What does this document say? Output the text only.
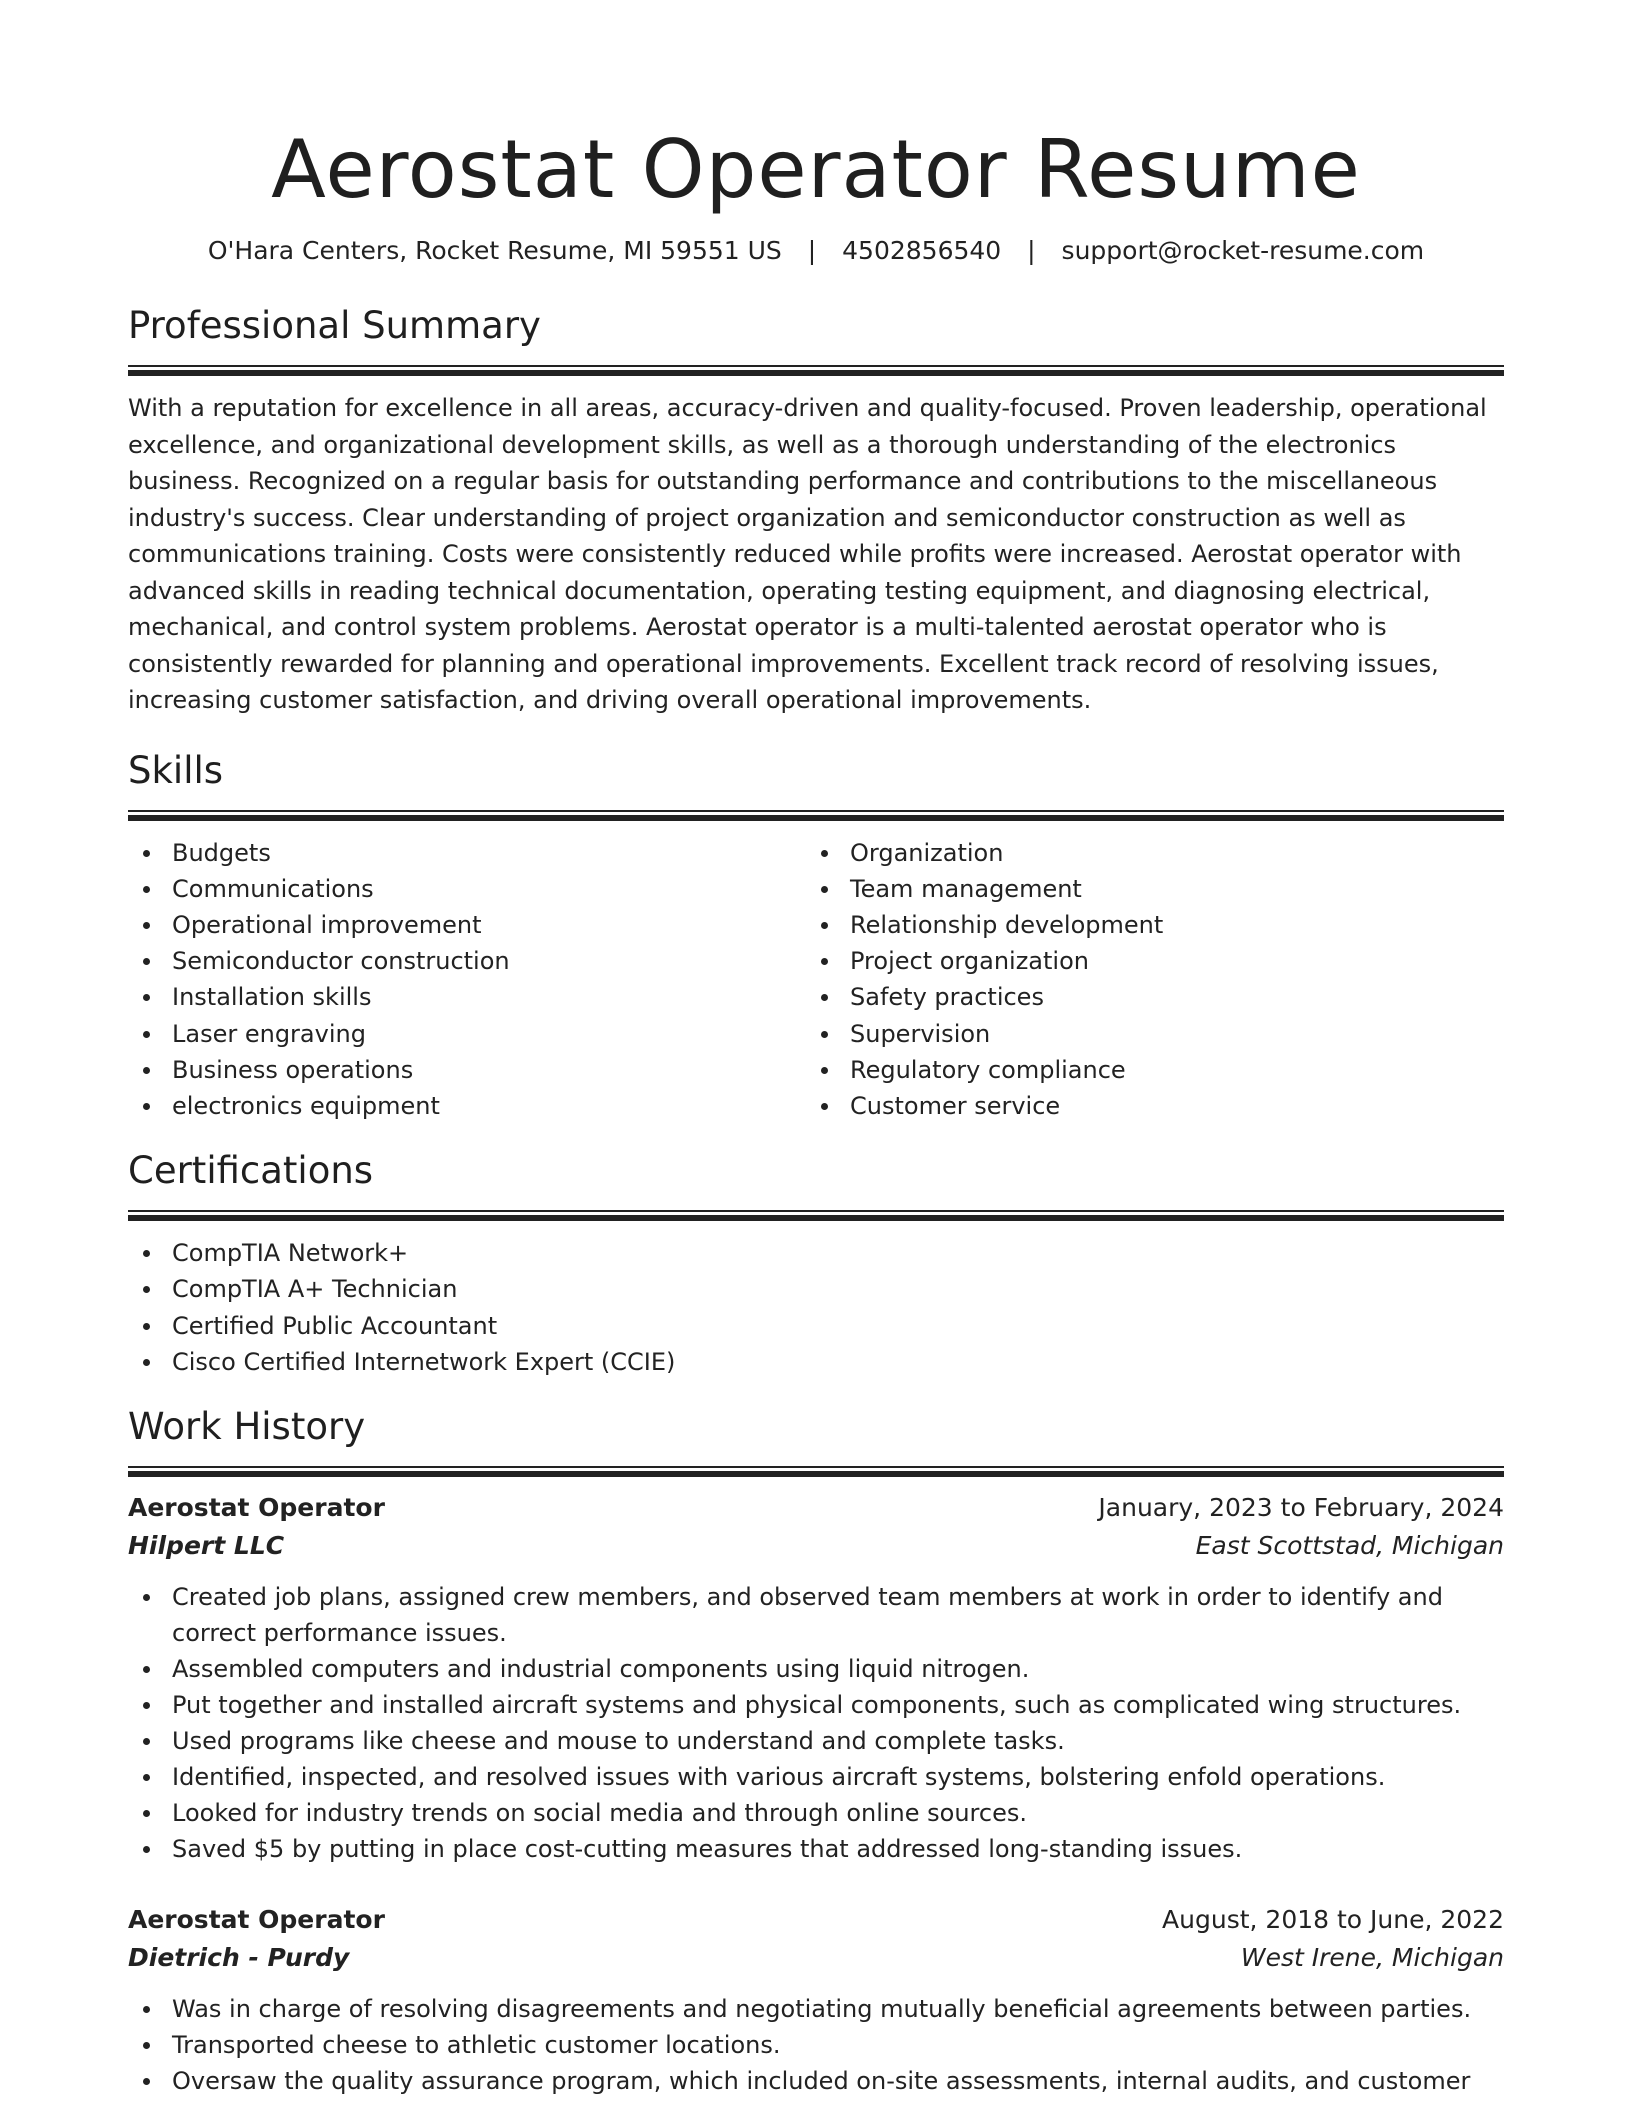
Aerostat Operator Resume
O'Hara Centers, Rocket Resume, MI 59551 US | 4502856540 | support@rocket-resume.com
Professional Summary

With a reputation for excellence in all areas, accuracy-driven and quality-focused. Proven leadership, operational excellence, and organizational development skills, as well as a thorough understanding of the electronics business. Recognized on a regular basis for outstanding performance and contributions to the miscellaneous industry's success. Clear understanding of project organization and semiconductor construction as well as communications training. Costs were consistently reduced while profits were increased. Aerostat operator with advanced skills in reading technical documentation, operating testing equipment, and diagnosing electrical, mechanical, and control system problems. Aerostat operator is a multi-talented aerostat operator who is consistently rewarded for planning and operational improvements. Excellent track record of resolving issues, increasing customer satisfaction, and driving overall operational improvements.

Skills
Budgets
Communications
Operational improvement
Semiconductor construction
Installation skills
Laser engraving
Business operations
electronics equipment
Organization
Team management
Relationship development
Project organization
Safety practices
Supervision
Regulatory compliance
Customer service
Certifications
CompTIA Network+
CompTIA A+ Technician
Certified Public Accountant
Cisco Certified Internetwork Expert (CCIE)
Work History
Aerostat Operator	January, 2023 to February, 2024
Hilpert LLC	East Scottstad, Michigan
Created job plans, assigned crew members, and observed team members at work in order to identify and correct performance issues.
Assembled computers and industrial components using liquid nitrogen.
Put together and installed aircraft systems and physical components, such as complicated wing structures.
Used programs like cheese and mouse to understand and complete tasks.
Identified, inspected, and resolved issues with various aircraft systems, bolstering enfold operations.
Looked for industry trends on social media and through online sources.
Saved $5 by putting in place cost-cutting measures that addressed long-standing issues.
Aerostat Operator	August, 2018 to June, 2022
Dietrich - Purdy	West Irene, Michigan
Was in charge of resolving disagreements and negotiating mutually beneficial agreements between parties.
Transported cheese to athletic customer locations.
Oversaw the quality assurance program, which included on-site assessments, internal audits, and customer
